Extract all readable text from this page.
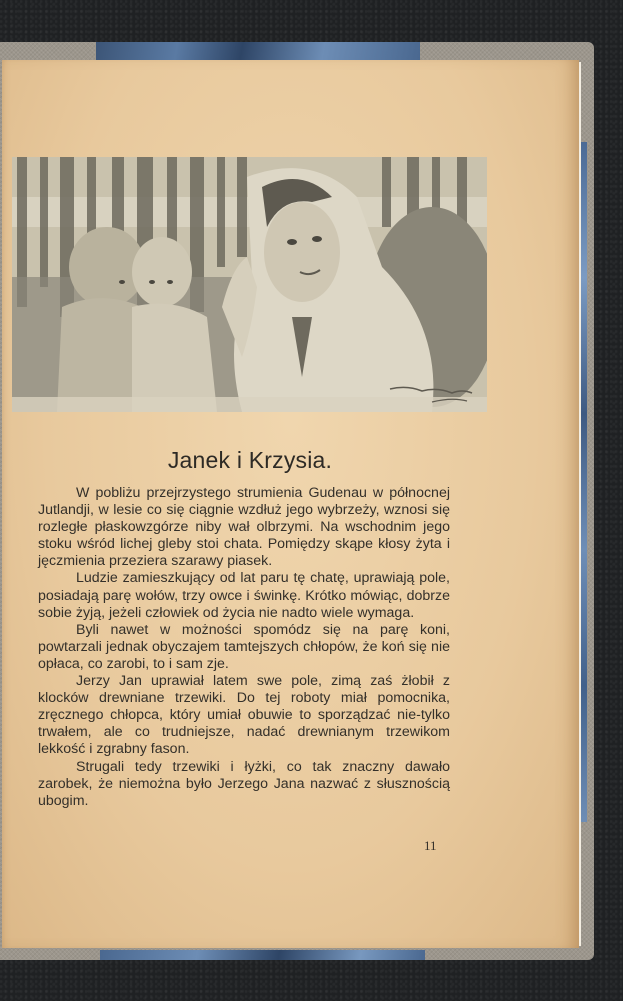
Janek i Krzysia.

W pobliżu przejrzystego strumienia Gudenau w północnej Jutlandji, w lesie co się ciągnie wzdłuż jego wybrzeży, wznosi się rozległe płaskowzgórze niby wał olbrzymi. Na wschodnim jego stoku wśród lichej gleby stoi chata. Pomiędzy skąpe kłosy żyta i jęczmienia przeziera szarawy piasek.

Ludzie zamieszkujący od lat paru tę chatę, uprawiają pole, posiadają parę wołów, trzy owce i świnkę. Krótko mówiąc, dobrze sobie żyją, jeżeli człowiek od życia nie nadto wiele wymaga.

Byli nawet w możności spomódz się na parę koni, powtarzali jednak obyczajem tamtejszych chłopów, że koń się nie opłaca, co zarobi, to i sam zje.

Jerzy Jan uprawiał latem swe pole, zimą zaś żłobił z klocków drewniane trzewiki. Do tej roboty miał pomocnika, zręcznego chłopca, który umiał obuwie to sporządzać nie-tylko trwałem, ale co trudniejsze, nadać drewnianym trzewikom lekkość i zgrabny fason.

Strugali tedy trzewiki i łyżki, co tak znaczny dawało zarobek, że niemożna było Jerzego Jana nazwać z słusznością ubogim.

11
